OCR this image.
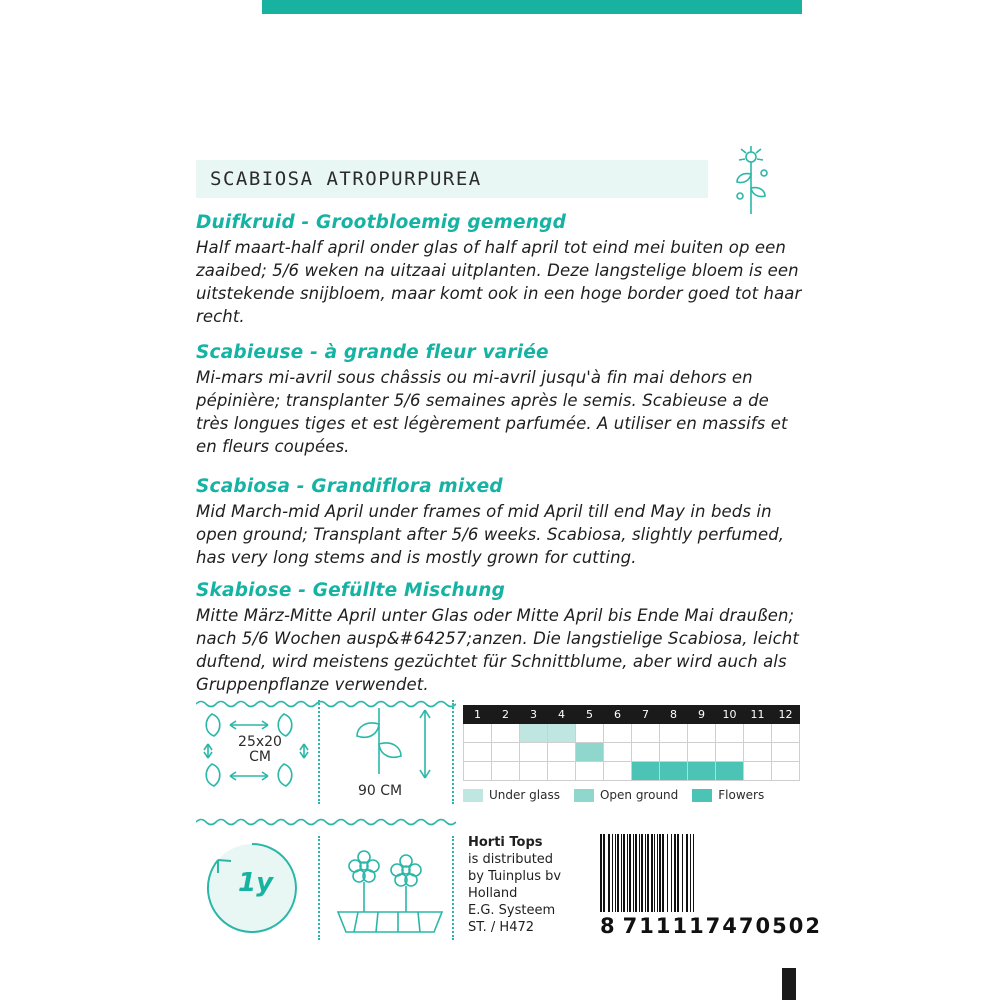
SCABIOSA ATROPURPUREA
Duifkruid - Grootbloemig gemengd

Half maart-half april onder glas of half april tot eind mei buiten op een zaaibed; 5/6 weken na uitzaai uitplanten. Deze langstelige bloem is een uitstekende snijbloem, maar komt ook in een hoge border goed tot haar recht.

Scabieuse - à grande fleur variée

Mi-mars mi-avril sous châssis ou mi-avril jusqu'à fin mai dehors en pépinière; transplanter 5/6 semaines après le semis. Scabieuse a de très longues tiges et est légèrement parfumée. A utiliser en massifs et en fleurs coupées.

Scabiosa - Grandiflora mixed

Mid March-mid April under frames of mid April till end May in beds in open ground; Transplant after 5/6 weeks. Scabiosa, slightly perfumed, has very long stems and is mostly grown for cutting.

Skabiose - Gefüllte Mischung

Mitte März-Mitte April unter Glas oder Mitte April bis Ende Mai draußen; nach 5/6 Wochen ausp&#64257;anzen. Die langstielige Scabiosa, leicht duftend, wird meistens gezüchtet für Schnittblume, aber wird auch als Gruppenpflanze verwendet.

25x20 CM
90 CM
1	2	3	4	5	6	7	8	9	10	11	12

Under glass	Open ground	Flowers
1y
Horti Tops
is distributed
by Tuinplus bv
Holland
E.G. Systeem
ST. / H472	8 711117470502
